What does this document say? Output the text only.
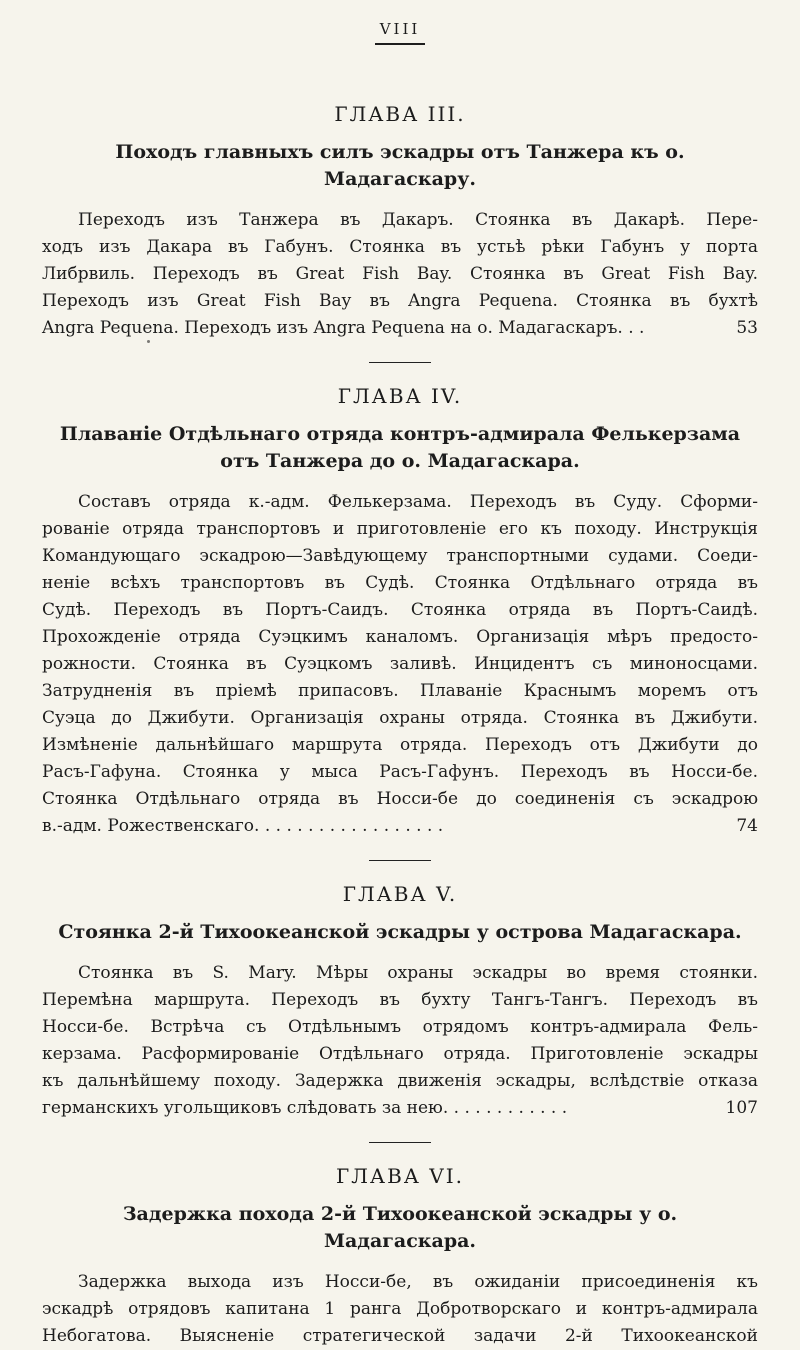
VIII
ГЛАВА III.
Походъ главныхъ силъ эскадры отъ Танжера къ о. Мадагаскару.
Переходъ изъ Танжера въ Дакаръ. Стоянка въ Дакарѣ. Пере-
ходъ изъ Дакара въ Габунъ. Стоянка въ устьѣ рѣки Габунъ у порта
Либрвиль. Переходъ въ Great Fish Bay. Стоянка въ Great Fish Bay.
Переходъ изъ Great Fish Bay въ Angra Pequena. Стоянка въ бухтѣ
Angra Pequena. Переходъ изъ Angra Pequena на о. Мадагаскаръ. . .	53
ГЛАВА IV.
Плаваніе Отдѣльнаго отряда контръ-адмирала Фелькерзама отъ Танжера до о. Мадагаскара.
Составъ отряда к.-адм. Фелькерзама. Переходъ въ Суду. Сформи-
рованіе отряда транспортовъ и приготовленіе его къ походу. Инструкція
Командующаго эскадрою—Завѣдующему транспортными судами. Соеди-
неніе всѣхъ транспортовъ въ Судѣ. Стоянка Отдѣльнаго отряда въ
Судѣ. Переходъ въ Портъ-Саидъ. Стоянка отряда въ Портъ-Саидѣ.
Прохожденіе отряда Суэцкимъ каналомъ. Организація мѣръ предосто-
рожности. Стоянка въ Суэцкомъ заливѣ. Инцидентъ съ миноносцами.
Затрудненія въ пріемѣ припасовъ. Плаваніе Краснымъ моремъ отъ
Суэца до Джибути. Организація охраны отряда. Стоянка въ Джибути.
Измѣненіе дальнѣйшаго маршрута отряда. Переходъ отъ Джибути до
Расъ-Гафуна. Стоянка у мыса Расъ-Гафунъ. Переходъ въ Носси-бе.
Стоянка Отдѣльнаго отряда въ Носси-бе до соединенія съ эскадрою
в.-адм. Рожественскаго. . . . . . . . . . . . . . . . . .	74
ГЛАВА V.
Стоянка 2-й Тихоокеанской эскадры у острова Мадагаскара.
Стоянка въ S. Mary. Мѣры охраны эскадры во время стоянки.
Перемѣна маршрута. Переходъ въ бухту Тангъ-Тангъ. Переходъ въ
Носси-бе. Встрѣча съ Отдѣльнымъ отрядомъ контръ-адмирала Фель-
керзама. Расформированіе Отдѣльнаго отряда. Приготовленіе эскадры
къ дальнѣйшему походу. Задержка движенія эскадры, вслѣдствіе отказа
германскихъ угольщиковъ слѣдовать за нею. . . . . . . . . . . .	107
ГЛАВА VI.
Задержка похода 2-й Тихоокеанской эскадры у о. Мадагаскара.
Задержка выхода изъ Носси-бе, въ ожиданіи присоединенія къ
эскадрѣ отрядовъ капитана 1 ранга Добротворскаго и контръ-адмирала
Небогатова. Выясненіе стратегической задачи 2-й Тихоокеанской
